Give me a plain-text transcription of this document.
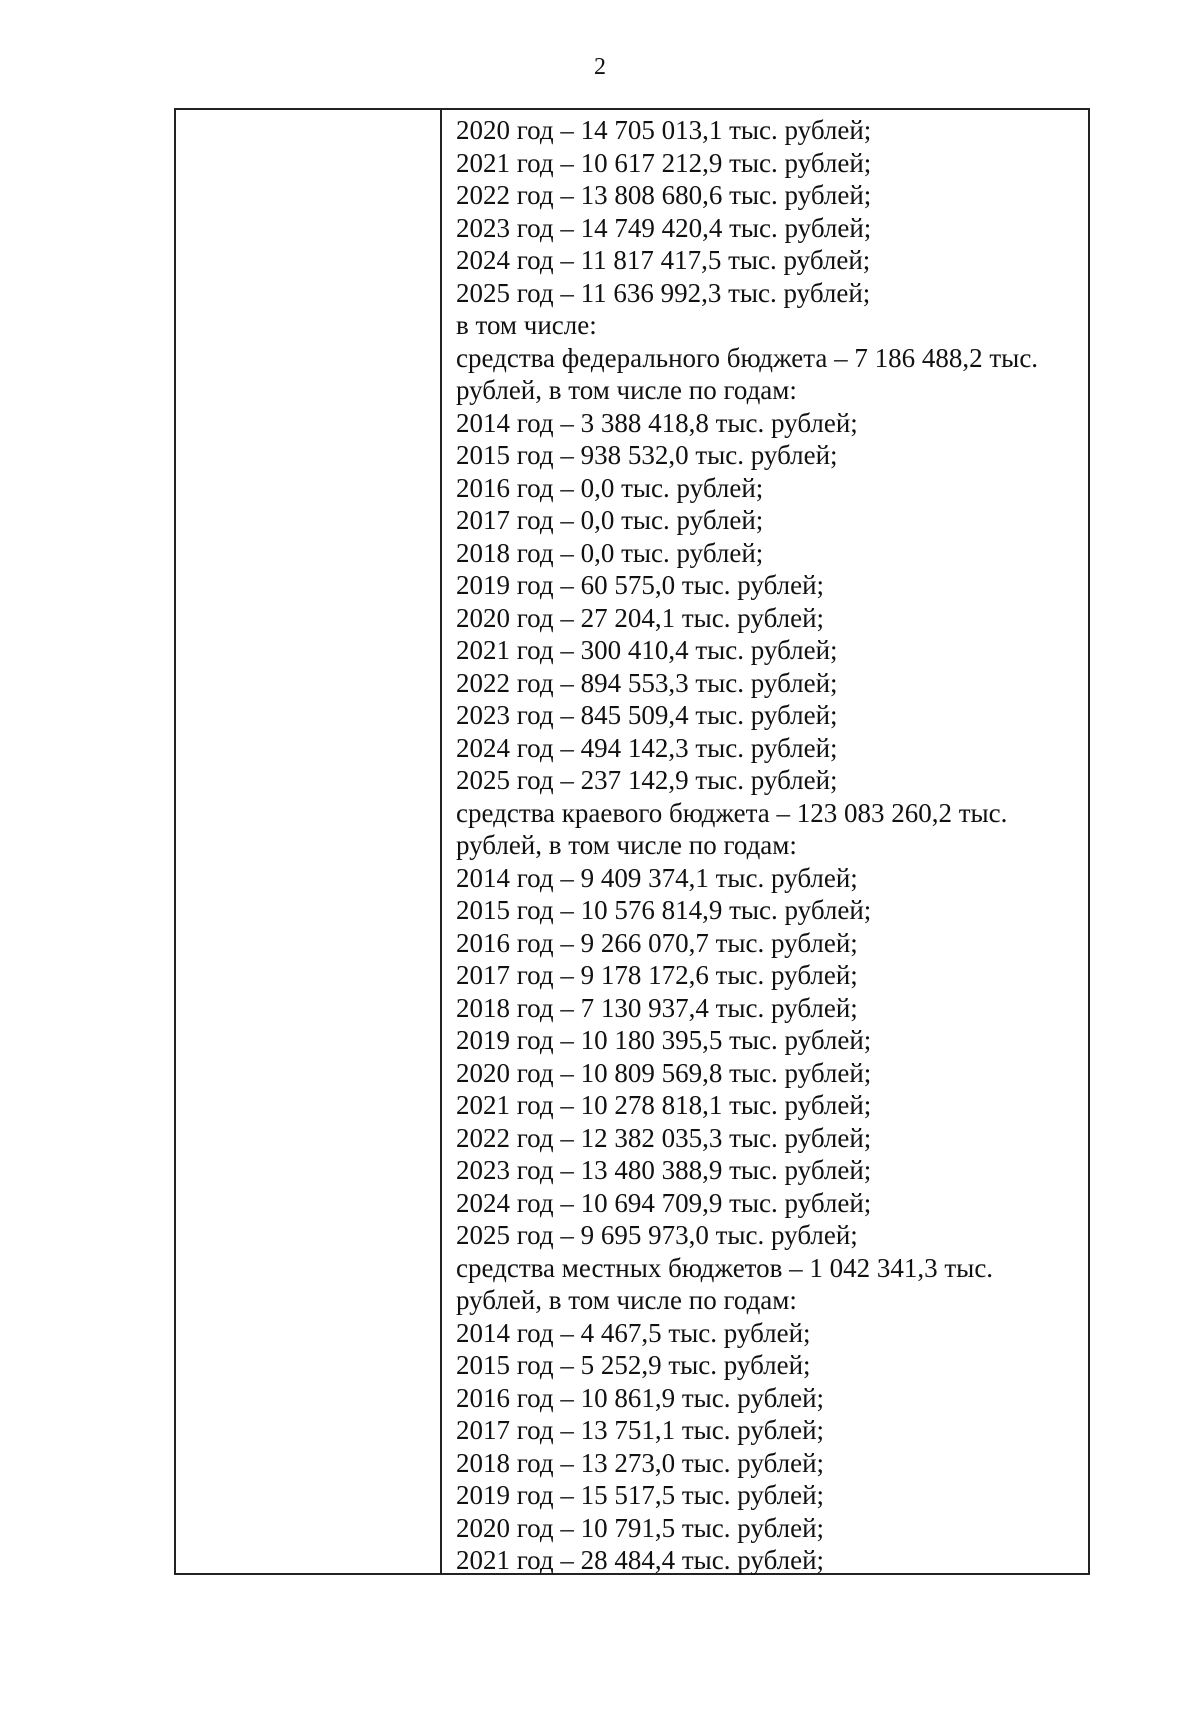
2
2020 год – 14 705 013,1 тыс. рублей;
2021 год – 10 617 212,9 тыс. рублей;
2022 год – 13 808 680,6 тыс. рублей;
2023 год – 14 749 420,4 тыс. рублей;
2024 год – 11 817 417,5 тыс. рублей;
2025 год – 11 636 992,3 тыс. рублей;
в том числе:
средства федерального бюджета – 7 186 488,2 тыс.
рублей, в том числе по годам:
2014 год – 3 388 418,8 тыс. рублей;
2015 год – 938 532,0 тыс. рублей;
2016 год – 0,0 тыс. рублей;
2017 год – 0,0 тыс. рублей;
2018 год – 0,0 тыс. рублей;
2019 год – 60 575,0 тыс. рублей;
2020 год – 27 204,1 тыс. рублей;
2021 год – 300 410,4 тыс. рублей;
2022 год – 894 553,3 тыс. рублей;
2023 год – 845 509,4 тыс. рублей;
2024 год – 494 142,3 тыс. рублей;
2025 год – 237 142,9 тыс. рублей;
средства краевого бюджета – 123 083 260,2 тыс.
рублей, в том числе по годам:
2014 год – 9 409 374,1 тыс. рублей;
2015 год – 10 576 814,9 тыс. рублей;
2016 год – 9 266 070,7 тыс. рублей;
2017 год – 9 178 172,6 тыс. рублей;
2018 год – 7 130 937,4 тыс. рублей;
2019 год – 10 180 395,5 тыс. рублей;
2020 год – 10 809 569,8 тыс. рублей;
2021 год – 10 278 818,1 тыс. рублей;
2022 год – 12 382 035,3 тыс. рублей;
2023 год – 13 480 388,9 тыс. рублей;
2024 год – 10 694 709,9 тыс. рублей;
2025 год – 9 695 973,0 тыс. рублей;
средства местных бюджетов – 1 042 341,3 тыс.
рублей, в том числе по годам:
2014 год – 4 467,5 тыс. рублей;
2015 год – 5 252,9 тыс. рублей;
2016 год – 10 861,9 тыс. рублей;
2017 год – 13 751,1 тыс. рублей;
2018 год – 13 273,0 тыс. рублей;
2019 год – 15 517,5 тыс. рублей;
2020 год – 10 791,5 тыс. рублей;
2021 год – 28 484,4 тыс. рублей;
